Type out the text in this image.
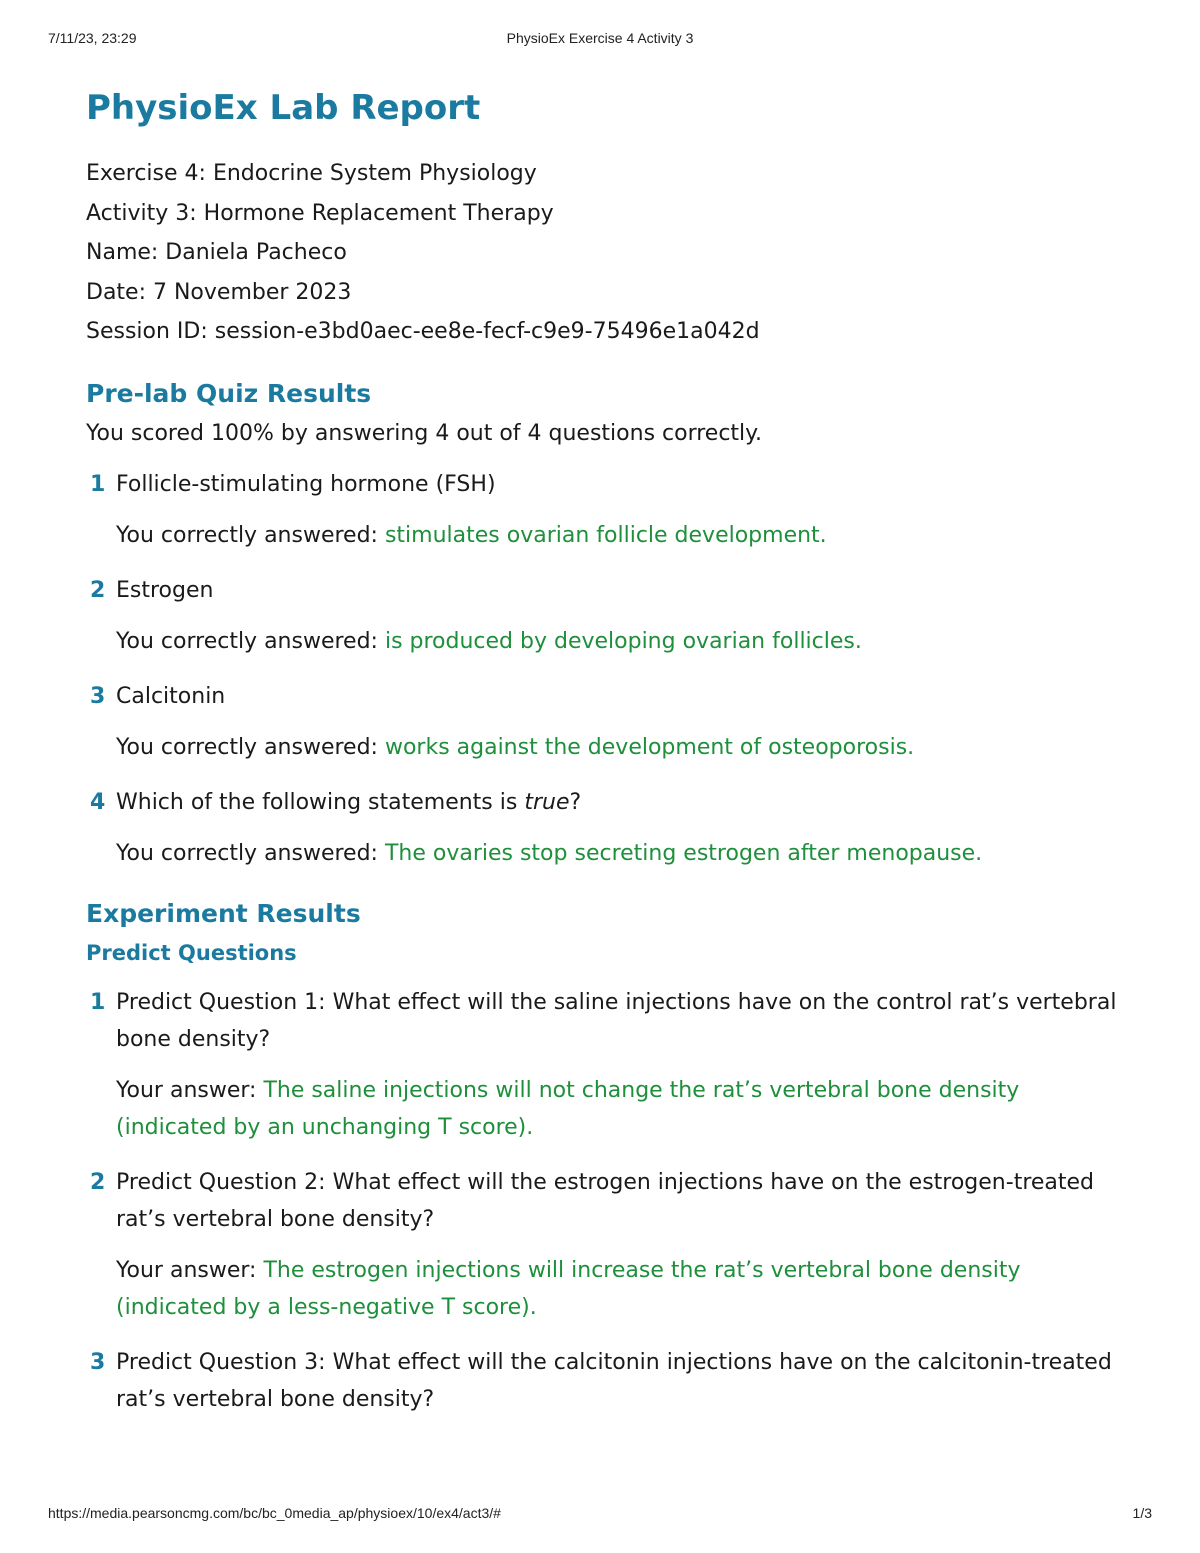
7/11/23, 23:29	PhysioEx Exercise 4 Activity 3
PhysioEx Lab Report
Exercise 4: Endocrine System Physiology
Activity 3: Hormone Replacement Therapy
Name: Daniela Pacheco
Date: 7 November 2023
Session ID: session-e3bd0aec-ee8e-fecf-c9e9-75496e1a042d
Pre-lab Quiz Results
You scored 100% by answering 4 out of 4 questions correctly.
1 Follicle-stimulating hormone (FSH)
You correctly answered: stimulates ovarian follicle development.
2 Estrogen
You correctly answered: is produced by developing ovarian follicles.
3 Calcitonin
You correctly answered: works against the development of osteoporosis.
4 Which of the following statements is true?
You correctly answered: The ovaries stop secreting estrogen after menopause.
Experiment Results
Predict Questions
1 Predict Question 1: What effect will the saline injections have on the control rat’s vertebral bone density?
Your answer: The saline injections will not change the rat’s vertebral bone density (indicated by an unchanging T score).
2 Predict Question 2: What effect will the estrogen injections have on the estrogen-treated rat’s vertebral bone density?
Your answer: The estrogen injections will increase the rat’s vertebral bone density (indicated by a less-negative T score).
3 Predict Question 3: What effect will the calcitonin injections have on the calcitonin-treated rat’s vertebral bone density?
https://media.pearsoncmg.com/bc/bc_0media_ap/physioex/10/ex4/act3/#	1/3
